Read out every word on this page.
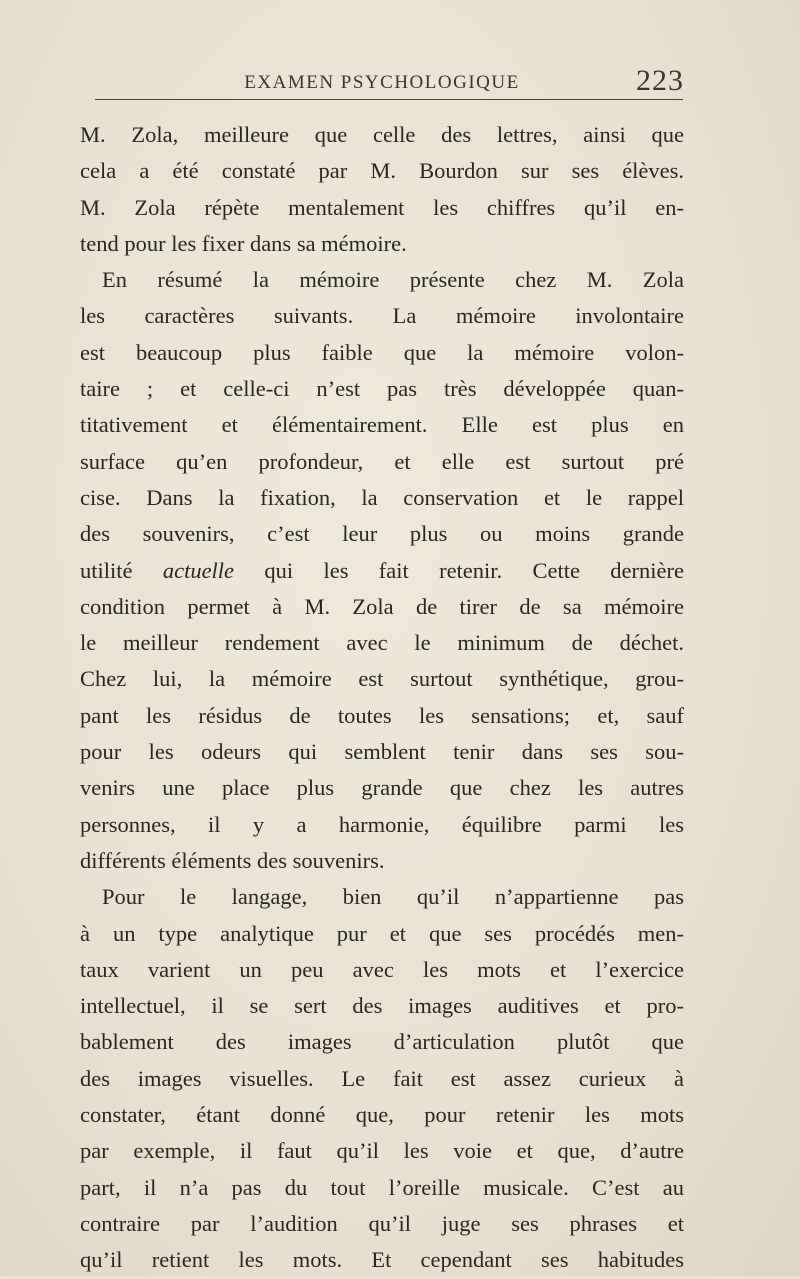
EXAMEN PSYCHOLOGIQUE	223
M. Zola, meilleure que celle des lettres, ainsi que
cela a été constaté par M. Bourdon sur ses élèves.
M. Zola répète mentalement les chiffres qu’il en-
tend pour les fixer dans sa mémoire.
En résumé la mémoire présente chez M. Zola
les caractères suivants. La mémoire involontaire
est beaucoup plus faible que la mémoire volon-
taire ; et celle-ci n’est pas très développée quan-
titativement et élémentairement. Elle est plus en
surface qu’en profondeur, et elle est surtout pré
cise. Dans la fixation, la conservation et le rappel
des souvenirs, c’est leur plus ou moins grande
utilité actuelle qui les fait retenir. Cette dernière
condition permet à M. Zola de tirer de sa mémoire
le meilleur rendement avec le minimum de déchet.
Chez lui, la mémoire est surtout synthétique, grou-
pant les résidus de toutes les sensations; et, sauf
pour les odeurs qui semblent tenir dans ses sou-
venirs une place plus grande que chez les autres
personnes, il y a harmonie, équilibre parmi les
différents éléments des souvenirs.
Pour le langage, bien qu’il n’appartienne pas
à un type analytique pur et que ses procédés men-
taux varient un peu avec les mots et l’exercice
intellectuel, il se sert des images auditives et pro-
bablement des images d’articulation plutôt que
des images visuelles. Le fait est assez curieux à
constater, étant donné que, pour retenir les mots
par exemple, il faut qu’il les voie et que, d’autre
part, il n’a pas du tout l’oreille musicale. C’est au
contraire par l’audition qu’il juge ses phrases et
qu’il retient les mots. Et cependant ses habitudes
